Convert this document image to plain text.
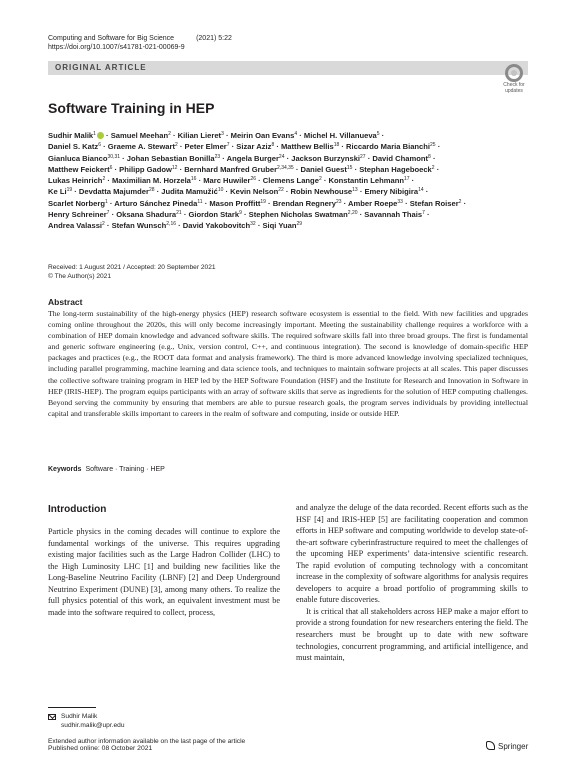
Computing and Software for Big Science	(2021) 5:22
https://doi.org/10.1007/s41781-021-00069-9
ORIGINAL ARTICLE
Check for
updates
Software Training in HEP
Sudhir Malik$^1$ · Samuel Meehan$^2$ · Kilian Lieret$^3$ · Meirin Oan Evans$^4$ · Michel H. Villanueva$^5$ ·
Daniel S. Katz$^6$ · Graeme A. Stewart$^2$ · Peter Elmer$^7$ · Sizar Aziz$^8$ · Matthew Bellis$^{18}$ · Riccardo Maria Bianchi$^{25}$ ·
Gianluca Bianco$^{30,31}$ · Johan Sebastian Bonilla$^{23}$ · Angela Burger$^{24}$ · Jackson Burzynski$^{27}$ · David Chamont$^8$ ·
Matthew Feickert$^6$ · Philipp Gadow$^{12}$ · Bernhard Manfred Gruber$^{2,34,35}$ · Daniel Guest$^{15}$ · Stephan Hageboeck$^2$ ·
Lukas Heinrich$^2$ · Maximilian M. Horzela$^{16}$ · Marc Huwiler$^{26}$ · Clemens Lange$^2$ · Konstantin Lehmann$^{17}$ ·
Ke $Li^{19}$ · Devdatta Majumder$^{28}$ · Judita Mamužić$^{10}$ · Kevin Nelson$^{22}$ · Robin Newhouse$^{13}$ · Emery Nibigira$^{14}$ ·
Scarlet Norberg$^1$ · Arturo Sánchez Pineda$^{11}$ · Mason Proffitt$^{19}$ · Brendan Regnery$^{23}$ · Amber Roepe$^{33}$ · Stefan Roiser$^2$ ·
Henry Schreiner$^7$ · Oksana Shadura$^{21}$ · Giordon Stark$^9$ · Stephen Nicholas Swatman$^{2,20}$ · Savannah Thais$^7$ ·
Andrea Valassi$^2$ · Stefan Wunsch$^{2,16}$ · David Yakobovitch$^{32}$ · Siqi Yuan$^{29}$
Received: 1 August 2021 / Accepted: 20 September 2021
© The Author(s) 2021
Abstract
The long-term sustainability of the high-energy physics (HEP) research software ecosystem is essential to the field. With new facilities and upgrades coming online throughout the 2020s, this will only become increasingly important. Meeting the sustainability challenge requires a workforce with a combination of HEP domain knowledge and advanced software skills. The required software skills fall into three broad groups. The first is fundamental and generic software engineering (e.g., Unix, version control, C++, and continuous integration). The second is knowledge of domain-specific HEP packages and practices (e.g., the ROOT data format and analysis framework). The third is more advanced knowledge involving specialized techniques, including parallel programming, machine learning and data science tools, and techniques to maintain software projects at all scales. This paper discusses the collective software training program in HEP led by the HEP Software Foundation (HSF) and the Institute for Research and Innovation in Software in HEP (IRIS-HEP). The program equips participants with an array of software skills that serve as ingredients for the solution of HEP computing challenges. Beyond serving the community by ensuring that members are able to pursue research goals, the program serves individuals by providing intellectual capital and transferable skills important to careers in the realm of software and computing, inside or outside HEP.
Keywords Software · Training · HEP
Introduction

Particle physics in the coming decades will continue to explore the fundamental workings of the universe. This requires upgrading existing major facilities such as the Large Hadron Collider (LHC) to the High Luminosity LHC [1] and building new facilities like the Long-Baseline Neutrino Facility (LBNF) [2] and Deep Underground Neutrino Experiment (DUNE) [3], among many others. To realize the full physics potential of this work, an equivalent investment must be made into the software required to collect, process,

and analyze the deluge of the data recorded. Recent efforts such as the HSF [4] and IRIS-HEP [5] are facilitating cooperation and common efforts in HEP software and computing worldwide to develop state-of-the-art software cyberinfrastructure required to meet the challenges of the upcoming HEP experiments’ data-intensive scientific research. The rapid evolution of computing technology with a concomitant increase in the complexity of software algorithms for analysis requires developers to acquire a broad portfolio of programming skills to enable future discoveries.

It is critical that all stakeholders across HEP make a major effort to provide a strong foundation for new researchers entering the field. The researchers must be brought up to date with new software technologies, concurrent programming, and artificial intelligence, and must maintain,

Sudhir Malik
sudhir.malik@upr.edu
Extended author information available on the last page of the article
Published online: 08 October 2021	Springer
